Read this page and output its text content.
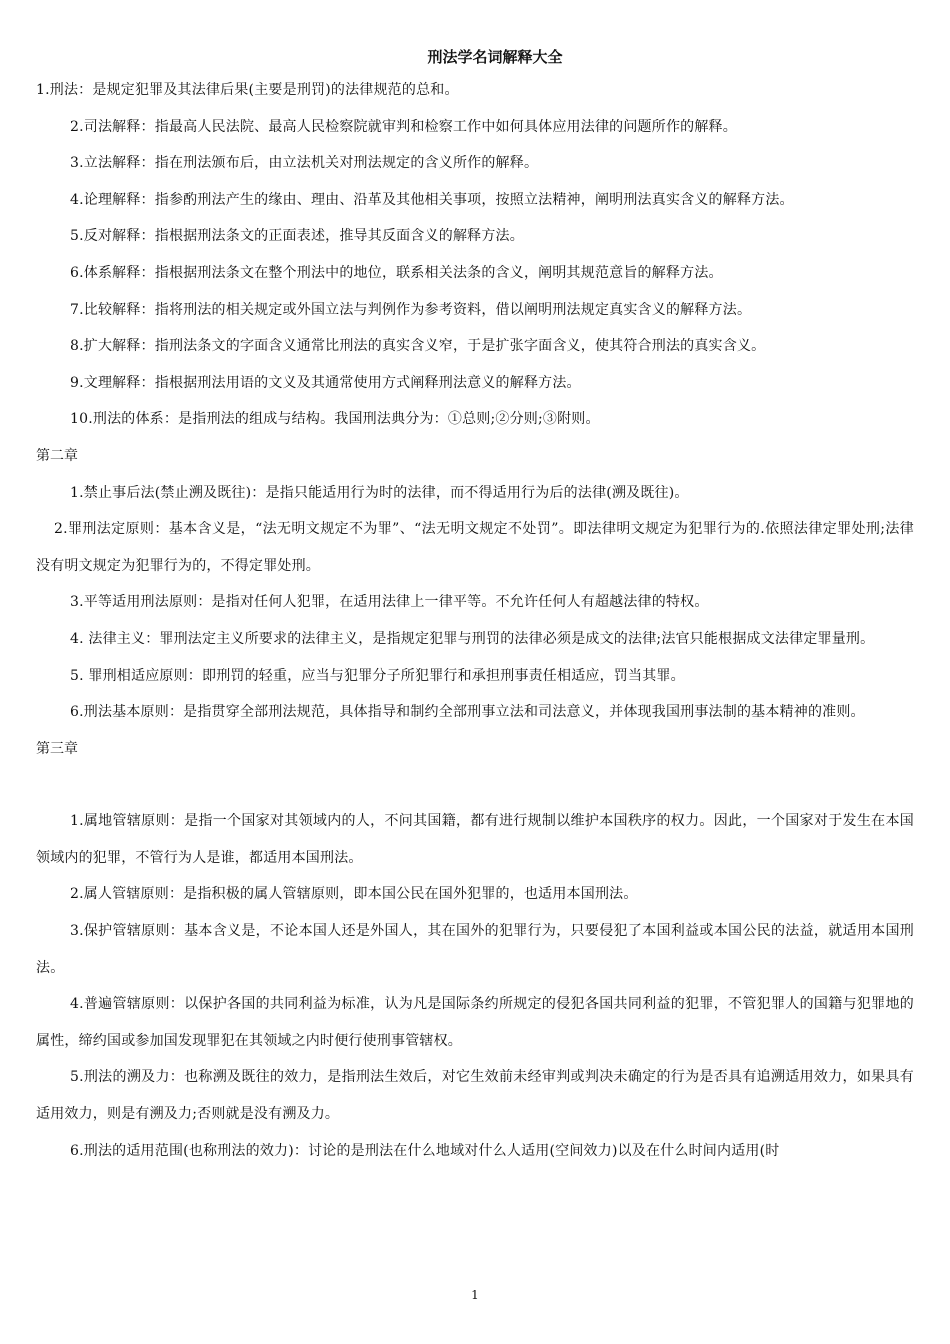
刑法学名词解释大全

1.刑法：是规定犯罪及其法律后果(主要是刑罚)的法律规范的总和。

2.司法解释：指最高人民法院、最高人民检察院就审判和检察工作中如何具体应用法律的问题所作的解释。

3.立法解释：指在刑法颁布后，由立法机关对刑法规定的含义所作的解释。

4.论理解释：指参酌刑法产生的缘由、理由、沿革及其他相关事项，按照立法精神，阐明刑法真实含义的解释方法。

5.反对解释：指根据刑法条文的正面表述，推导其反面含义的解释方法。

6.体系解释：指根据刑法条文在整个刑法中的地位，联系相关法条的含义，阐明其规范意旨的解释方法。

7.比较解释：指将刑法的相关规定或外国立法与判例作为参考资料，借以阐明刑法规定真实含义的解释方法。

8.扩大解释：指刑法条文的字面含义通常比刑法的真实含义窄，于是扩张字面含义，使其符合刑法的真实含义。

9.文理解释：指根据刑法用语的文义及其通常使用方式阐释刑法意义的解释方法。

10.刑法的体系：是指刑法的组成与结构。我国刑法典分为：①总则;②分则;③附则。

第二章

1.禁止事后法(禁止溯及既往)：是指只能适用行为时的法律，而不得适用行为后的法律(溯及既往)。

2.罪刑法定原则：基本含义是，“法无明文规定不为罪”、“法无明文规定不处罚”。即法律明文规定为犯罪行为的.依照法律定罪处刑;法律没有明文规定为犯罪行为的，不得定罪处刑。

3.平等适用刑法原则：是指对任何人犯罪，在适用法律上一律平等。不允许任何人有超越法律的特权。

4. 法律主义：罪刑法定主义所要求的法律主义，是指规定犯罪与刑罚的法律必须是成文的法律;法官只能根据成文法律定罪量刑。

5. 罪刑相适应原则：即刑罚的轻重，应当与犯罪分子所犯罪行和承担刑事责任相适应，罚当其罪。

6.刑法基本原则：是指贯穿全部刑法规范，具体指导和制约全部刑事立法和司法意义，并体现我国刑事法制的基本精神的准则。

第三章

1.属地管辖原则：是指一个国家对其领域内的人，不问其国籍，都有进行规制以维护本国秩序的权力。因此，一个国家对于发生在本国领域内的犯罪，不管行为人是谁，都适用本国刑法。

2.属人管辖原则：是指积极的属人管辖原则，即本国公民在国外犯罪的，也适用本国刑法。

3.保护管辖原则：基本含义是，不论本国人还是外国人，其在国外的犯罪行为，只要侵犯了本国利益或本国公民的法益，就适用本国刑法。

4.普遍管辖原则：以保护各国的共同利益为标准，认为凡是国际条约所规定的侵犯各国共同利益的犯罪，不管犯罪人的国籍与犯罪地的属性，缔约国或参加国发现罪犯在其领域之内时便行使刑事管辖权。

5.刑法的溯及力：也称溯及既往的效力，是指刑法生效后，对它生效前未经审判或判决未确定的行为是否具有追溯适用效力，如果具有适用效力，则是有溯及力;否则就是没有溯及力。

6.刑法的适用范围(也称刑法的效力)：讨论的是刑法在什么地域对什么人适用(空间效力)以及在什么时间内适用(时

1
